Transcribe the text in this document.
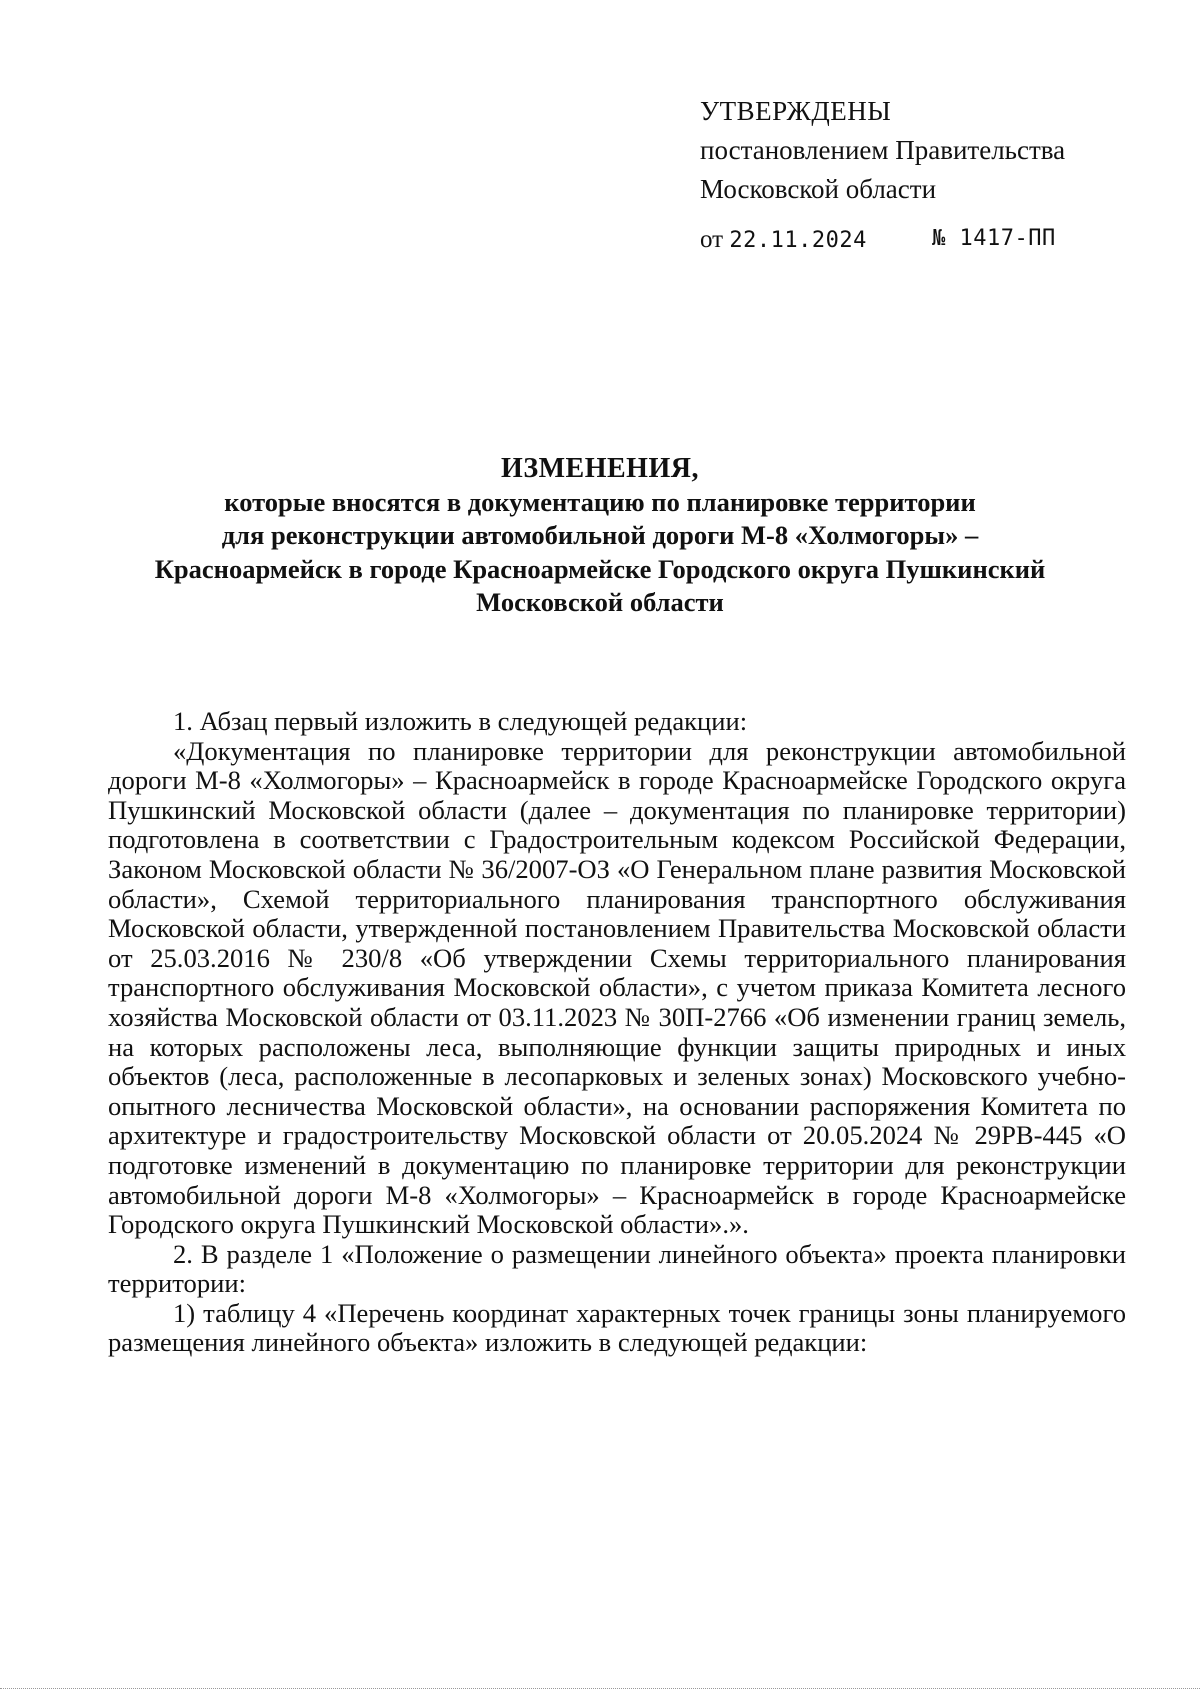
УТВЕРЖДЕНЫ
постановлением Правительства
Московской области
от 22.11.2024	№ 1417-ПП
ИЗМЕНЕНИЯ,
которые вносятся в документацию по планировке территории
для реконструкции автомобильной дороги М-8 «Холмогоры» –
Красноармейск в городе Красноармейске Городского округа Пушкинский
Московской области

1. Абзац первый изложить в следующей редакции:

«Документация по планировке территории для реконструкции автомобильной дороги М-8 «Холмогоры» – Красноармейск в городе Красноармейске Городского округа Пушкинский Московской области (далее – документация по планировке территории) подготовлена в соответствии с Градостроительным кодексом Российской Федерации, Законом Московской области № 36/2007-ОЗ «О Генеральном плане развития Московской области», Схемой территориального планирования транспортного обслуживания Московской области, утвержденной постановлением Правительства Московской области от 25.03.2016 № 230/8 «Об утверждении Схемы территориального планирования транспортного обслуживания Московской области», с учетом приказа Комитета лесного хозяйства Московской области от 03.11.2023 № 30П-2766 «Об изменении границ земель, на которых расположены леса, выполняющие функции защиты природных и иных объектов (леса, расположенные в лесопарковых и зеленых зонах) Московского учебно-опытного лесничества Московской области», на основании распоряжения Комитета по архитектуре и градостроительству Московской области от 20.05.2024 № 29РВ-445 «О подготовке изменений в документацию по планировке территории для реконструкции автомобильной дороги М-8 «Холмогоры» – Красноармейск в городе Красноармейске Городского округа Пушкинский Московской области».».

2. В разделе 1 «Положение о размещении линейного объекта» проекта планировки территории:

1) таблицу 4 «Перечень координат характерных точек границы зоны планируемого размещения линейного объекта» изложить в следующей редакции:
